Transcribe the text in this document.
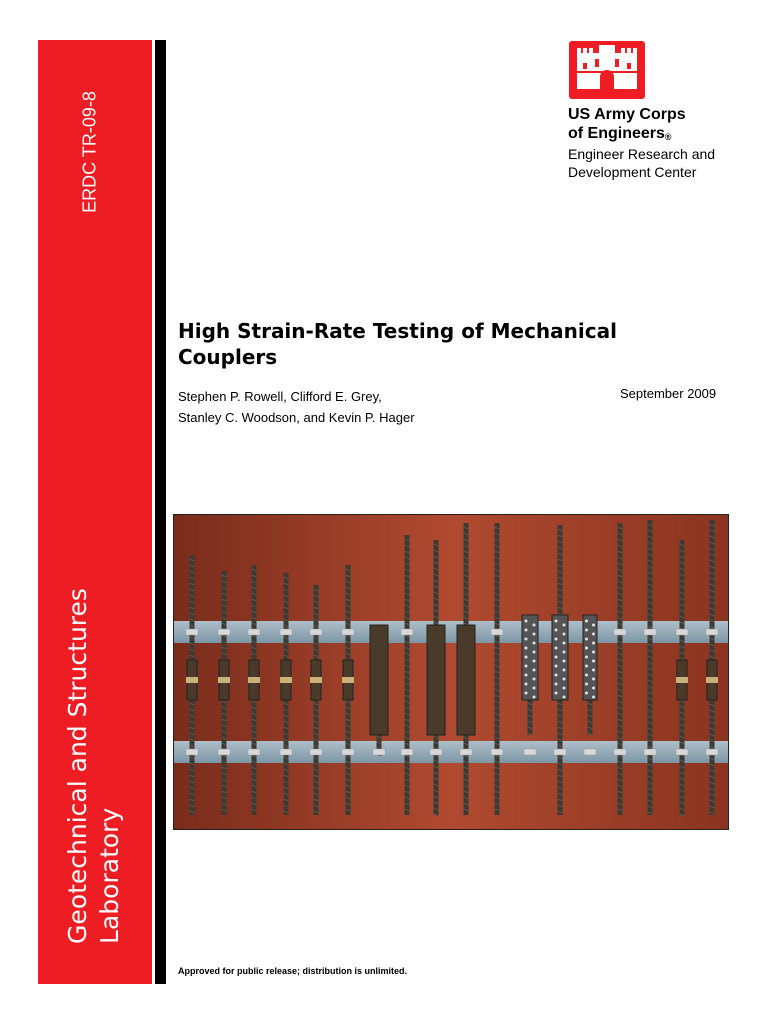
ERDC TR-09-8
Geotechnical and Structures Laboratory
US Army Corps
of Engineers®
Engineer Research and
Development Center
High Strain-Rate Testing of Mechanical Couplers
Stephen P. Rowell, Clifford E. Grey,
Stanley C. Woodson, and Kevin P. Hager
September 2009
Approved for public release; distribution is unlimited.
